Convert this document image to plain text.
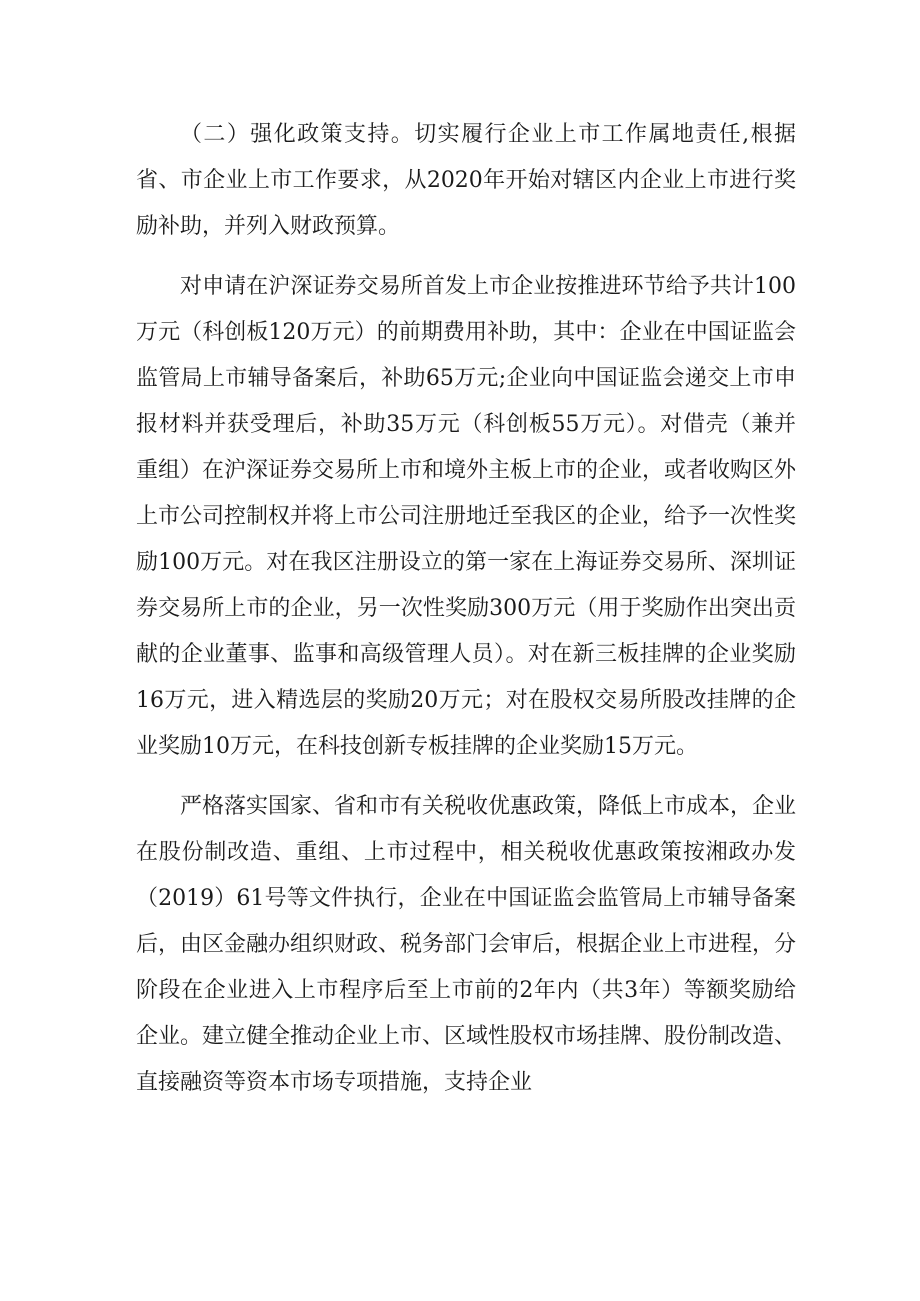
（二）强化政策支持。切实履行企业上市工作属地责任,根据省、市企业上市工作要求，从2020年开始对辖区内企业上市进行奖励补助，并列入财政预算。

对申请在沪深证券交易所首发上市企业按推进环节给予共计100万元（科创板120万元）的前期费用补助，其中：企业在中国证监会监管局上市辅导备案后，补助65万元;企业向中国证监会递交上市申报材料并获受理后，补助35万元（科创板55万元）。对借壳（兼并重组）在沪深证券交易所上市和境外主板上市的企业，或者收购区外上市公司控制权并将上市公司注册地迁至我区的企业，给予一次性奖励100万元。对在我区注册设立的第一家在上海证券交易所、深圳证券交易所上市的企业，另一次性奖励300万元（用于奖励作出突出贡献的企业董事、监事和高级管理人员）。对在新三板挂牌的企业奖励16万元，进入精选层的奖励20万元；对在股权交易所股改挂牌的企业奖励10万元，在科技创新专板挂牌的企业奖励15万元。

严格落实国家、省和市有关税收优惠政策，降低上市成本，企业在股份制改造、重组、上市过程中，相关税收优惠政策按湘政办发（2019）61号等文件执行，企业在中国证监会监管局上市辅导备案后，由区金融办组织财政、税务部门会审后，根据企业上市进程，分阶段在企业进入上市程序后至上市前的2年内（共3年）等额奖励给企业。建立健全推动企业上市、区域性股权市场挂牌、股份制改造、直接融资等资本市场专项措施，支持企业
